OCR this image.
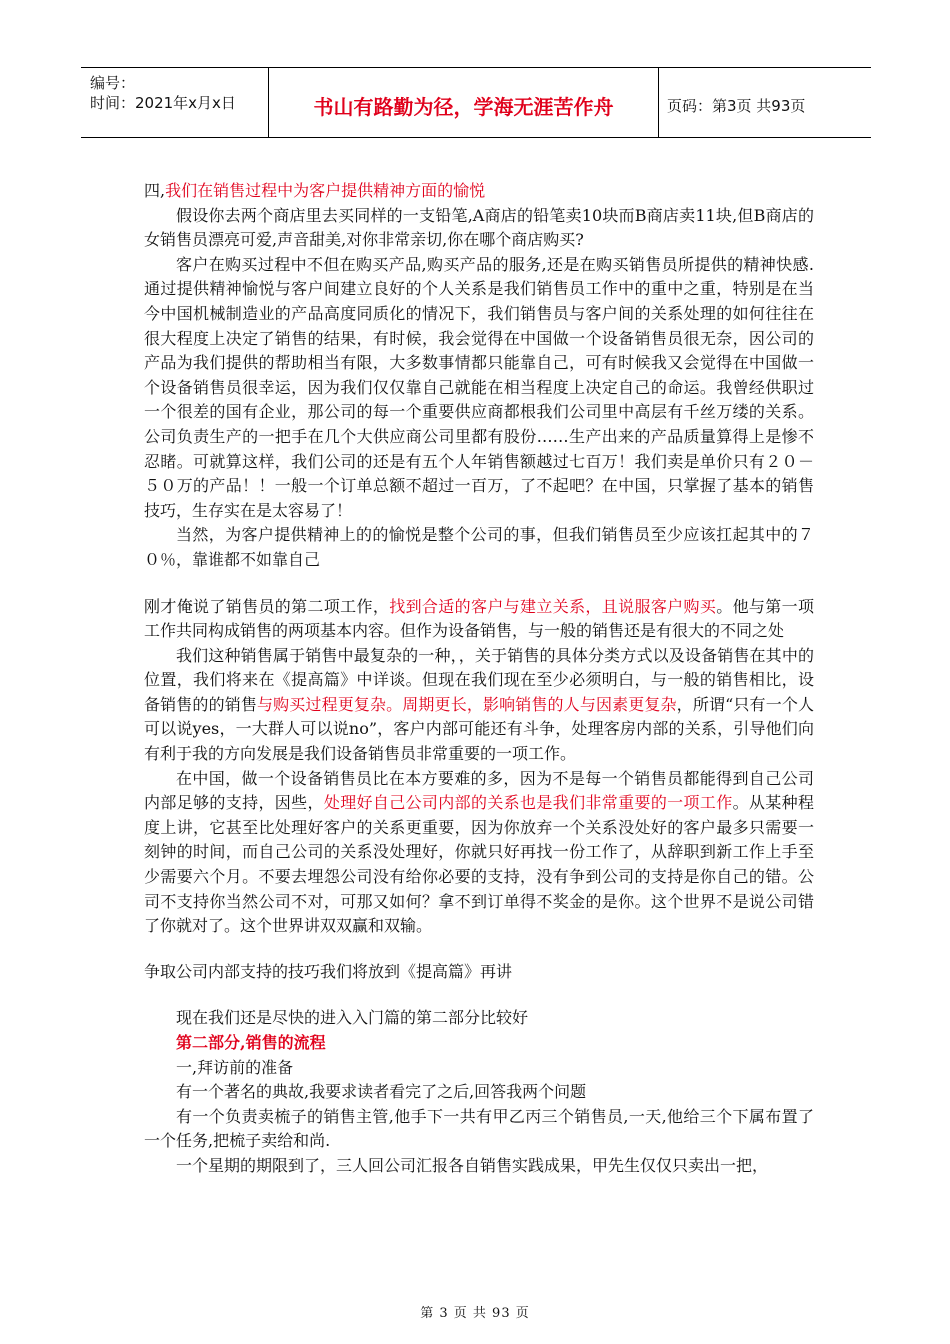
编号：
时间：2021年x月x日	书山有路勤为径，学海无涯苦作舟	页码：第3页 共93页

四,我们在销售过程中为客户提供精神方面的愉悦

假设你去两个商店里去买同样的一支铅笔,A商店的铅笔卖10块而B商店卖11块,但B商店的女销售员漂亮可爱,声音甜美,对你非常亲切,你在哪个商店购买?

客户在购买过程中不但在购买产品,购买产品的服务,还是在购买销售员所提供的精神快感.通过提供精神愉悦与客户间建立良好的个人关系是我们销售员工作中的重中之重，特别是在当今中国机械制造业的产品高度同质化的情况下，我们销售员与客户间的关系处理的如何往往在很大程度上决定了销售的结果，有时候，我会觉得在中国做一个设备销售员很无奈，因公司的产品为我们提供的帮助相当有限，大多数事情都只能靠自己，可有时候我又会觉得在中国做一个设备销售员很幸运，因为我们仅仅靠自己就能在相当程度上决定自己的命运。我曾经供职过一个很差的国有企业，那公司的每一个重要供应商都根我们公司里中高层有千丝万缕的关系。公司负责生产的一把手在几个大供应商公司里都有股份……生产出来的产品质量算得上是惨不忍睹。可就算这样，我们公司的还是有五个人年销售额越过七百万！我们卖是单价只有２０－５０万的产品！！一般一个订单总额不超过一百万，了不起吧？在中国，只掌握了基本的销售技巧，生存实在是太容易了！

当然，为客户提供精神上的的愉悦是整个公司的事，但我们销售员至少应该扛起其中的７０％，靠谁都不如靠自己

刚才俺说了销售员的第二项工作，找到合适的客户与建立关系，且说服客户购买。他与第一项工作共同构成销售的两项基本内容。但作为设备销售，与一般的销售还是有很大的不同之处

我们这种销售属于销售中最复杂的一种，，关于销售的具体分类方式以及设备销售在其中的位置，我们将来在《提高篇》中详谈。但现在我们现在至少必须明白，与一般的销售相比，设备销售的的销售与购买过程更复杂。周期更长，影响销售的人与因素更复杂，所谓“只有一个人可以说yes，一大群人可以说no”，客户内部可能还有斗争，处理客房内部的关系，引导他们向有利于我的方向发展是我们设备销售员非常重要的一项工作。

在中国，做一个设备销售员比在本方要难的多，因为不是每一个销售员都能得到自己公司内部足够的支持，因些，处理好自己公司内部的关系也是我们非常重要的一项工作。从某种程度上讲，它甚至比处理好客户的关系更重要，因为你放弃一个关系没处好的客户最多只需要一刻钟的时间，而自己公司的关系没处理好，你就只好再找一份工作了，从辞职到新工作上手至少需要六个月。不要去埋怨公司没有给你必要的支持，没有争到公司的支持是你自己的错。公司不支持你当然公司不对，可那又如何？拿不到订单得不奖金的是你。这个世界不是说公司错了你就对了。这个世界讲双双赢和双输。

争取公司内部支持的技巧我们将放到《提高篇》再讲

现在我们还是尽快的进入入门篇的第二部分比较好

第二部分,销售的流程

一,拜访前的准备

有一个著名的典故,我要求读者看完了之后,回答我两个问题

有一个负责卖梳子的销售主管,他手下一共有甲乙丙三个销售员,一天,他给三个下属布置了一个任务,把梳子卖给和尚.

一个星期的期限到了，三人回公司汇报各自销售实践成果，甲先生仅仅只卖出一把，

第 3 页 共 93 页
